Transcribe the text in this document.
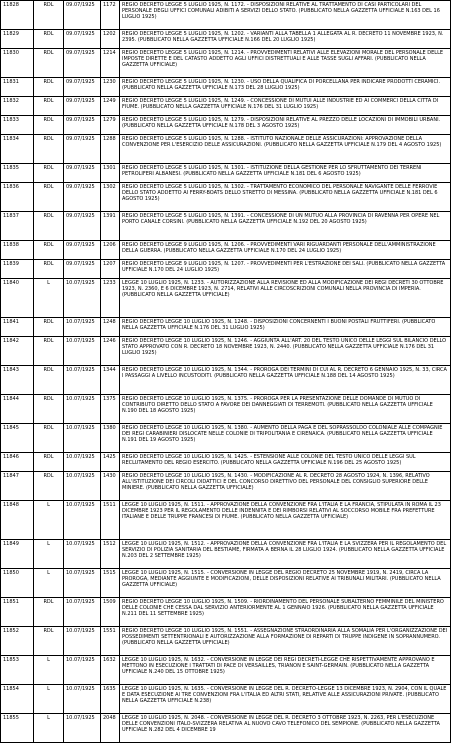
11828	RDL	09.07/1925	1172	REGIO DECRETO LEGGE 5 LUGLIO 1925, N. 1172. - DISPOSIZIONI RELATIVE AL TRATTAMENTO DI CASI PARTICOLARI DEL PERSONALE DEGLI UFFICI COMUNALI ADIBITI A SERVIZI DELLO STATO. (PUBBLICATO NELLA GAZZETTA UFFICIALE N.163 DEL 16 LUGLIO 1925)
11829	RDL	09.07/1925	1202	REGIO DECRETO LEGGE 5 LUGLIO 1925, N. 1202. - VARIANTI ALLA TABELLA 1 ALLEGATA AL R. DECRETO 11 NOVEMBRE 1923, N. 2395. (PUBBLICATO NELLA GAZZETTA UFFICIALE N.166 DEL 20 LUGLIO 1925)
11830	RDL	09.07/1925	1214	REGIO DECRETO LEGGE 5 LUGLIO 1925, N. 1214. - PROVVEDIMENTI RELATIVI ALLE ELEVAZIONI MORALE DEL PERSONALE DELLE IMPOSTE DIRETTE E DEL CATASTO ADDETTO AGLI UFFICI DISTRETTUALI E ALLE TASSE SUGLI AFFARI. (PUBBLICATO NELLA GAZZETTA UFFICIALE)
11831	RDL	09.07/1925	1230	REGIO DECRETO LEGGE 5 LUGLIO 1925, N. 1230. - USO DELLA QUALIFICA DI PORCELLANA PER INDICARE PRODOTTI CERAMICI. (PUBBLICATO NELLA GAZZETTA UFFICIALE N.173 DEL 28 LUGLIO 1925)
11832	RDL	09.07/1925	1249	REGIO DECRETO LEGGE 5 LUGLIO 1925, N. 1249. - CONCESSIONE DI MUTUI ALLE INDUSTRIE ED AI COMMERCI DELLA CITTA DI FIUME. (PUBBLICATO NELLA GAZZETTA UFFICIALE N.176 DEL 31 LUGLIO 1925)
11833	RDL	09.07/1925	1279	REGIO DECRETO LEGGE 5 LUGLIO 1925, N. 1279. - DISPOSIZIONI RELATIVE AL PREZZO DELLE LOCAZIONI DI IMMOBILI URBANI. (PUBBLICATO NELLA GAZZETTA UFFICIALE N.178 DEL 3 AGOSTO 1925)
11834	RDL	09.07/1925	1288	REGIO DECRETO LEGGE 5 LUGLIO 1925, N. 1288. - ISTITUTO NAZIONALE DELLE ASSICURAZIONI: APPROVAZIONE DELLA CONVENZIONE PER L'ESERCIZIO DELLE ASSICURAZIONI. (PUBBLICATO NELLA GAZZETTA UFFICIALE N.179 DEL 4 AGOSTO 1925)
11835	RDL	09.07/1925	1301	REGIO DECRETO LEGGE 5 LUGLIO 1925, N. 1301. - ISTITUZIONE DELLA GESTIONE PER LO SFRUTTAMENTO DEI TERRENI PETROLIFERI ALBANESI. (PUBBLICATO NELLA GAZZETTA UFFICIALE N.181 DEL 6 AGOSTO 1925)
11836	RDL	09.07/1925	1302	REGIO DECRETO LEGGE 5 LUGLIO 1925, N. 1302. - TRATTAMENTO ECONOMICO DEL PERSONALE NAVIGANTE DELLE FERROVIE DELLO STATO ADDETTO AI FERRY-BOATS DELLO STRETTO DI MESSINA. (PUBBLICATO NELLA GAZZETTA UFFICIALE N.181 DEL 6 AGOSTO 1925)
11837	RDL	09.07/1925	1391	REGIO DECRETO LEGGE 5 LUGLIO 1925, N. 1391. - CONCESSIONE DI UN MUTUO ALLA PROVINCIA DI RAVENNA PER OPERE NEL PORTO CANALE CORSINI. (PUBBLICATO NELLA GAZZETTA UFFICIALE N.192 DEL 20 AGOSTO 1925)
11838	RDL	09.07/1925	1206	REGIO DECRETO LEGGE 9 LUGLIO 1925, N. 1206. - PROVVEDIMENTI VARI RIGUARDANTI PERSONALE DELL'AMMINISTRAZIONE DELLA GUERRA. (PUBBLICATO NELLA GAZZETTA UFFICIALE N.170 DEL 24 LUGLIO 1925)
11839	RDL	09.07/1925	1207	REGIO DECRETO LEGGE 9 LUGLIO 1925, N. 1207. - PROVVEDIMENTI PER L'ESTRAZIONE DEI SALI. (PUBBLICATO NELLA GAZZETTA UFFICIALE N.170 DEL 24 LUGLIO 1925)
11840	L	10.07/1925	1233	LEGGE 10 LUGLIO 1925, N. 1233. - AUTORIZZAZIONE ALLA REVISIONE ED ALLA MODIFICAZIONE DEI REGI DECRETI 30 OTTOBRE 1923, N. 2360, E 6 DICEMBRE 1923, N. 2714, RELATIVI ALLE CIRCOSCRIZIONI COMUNALI NELLA PROVINCIA DI IMPERIA. (PUBBLICATO NELLA GAZZETTA UFFICIALE)
11841	RDL	10.07/1925	1248	REGIO DECRETO LEGGE 10 LUGLIO 1925, N. 1248. - DISPOSIZIONI CONCERNENTI I BUONI POSTALI FRUTTIFERI. (PUBBLICATO NELLA GAZZETTA UFFICIALE N.176 DEL 31 LUGLIO 1925)
11842	RDL	10.07/1925	1246	REGIO DECRETO LEGGE 10 LUGLIO 1925, N. 1246. - AGGIUNTA ALL'ART. 20 DEL TESTO UNICO DELLE LEGGI SUL BILANCIO DELLO STATO APPROVATO CON R. DECRETO 18 NOVEMBRE 1923, N. 2440. (PUBBLICATO NELLA GAZZETTA UFFICIALE N.176 DEL 31 LUGLIO 1925)
11843	RDL	10.07/1925	1344	REGIO DECRETO LEGGE 10 LUGLIO 1925, N. 1344. - PROROGA DEI TERMINI DI CUI AL R. DECRETO 6 GENNAIO 1925, N. 33, CIRCA I PASSAGGI A LIVELLO INCUSTODITI. (PUBBLICATO NELLA GAZZETTA UFFICIALE N.188 DEL 14 AGOSTO 1925)
11844	RDL	10.07/1925	1375	REGIO DECRETO LEGGE 10 LUGLIO 1925, N. 1375. - PROROGA PER LA PRESENTAZIONE DELLE DOMANDE DI MUTUO DI CONTRIBUTO DIRETTO DELLO STATO A FAVORE DEI DANNEGGIATI DI TERREMOTI. (PUBBLICATO NELLA GAZZETTA UFFICIALE N.190 DEL 18 AGOSTO 1925)
11845	RDL	10.07/1925	1380	REGIO DECRETO LEGGE 10 LUGLIO 1925, N. 1380. - AUMENTO DELLA PAGA E DEL SOPRASSOLDO COLONIALE ALLE COMPAGNIE DEI REGI CARABINIERI DISLOCATE NELLE COLONIE DI TRIPOLITANIA E CIRENAICA. (PUBBLICATO NELLA GAZZETTA UFFICIALE N.191 DEL 19 AGOSTO 1925)
11846	RDL	10.07/1925	1425	REGIO DECRETO LEGGE 10 LUGLIO 1925, N. 1425. - ESTENSIONE ALLE COLONIE DEL TESTO UNICO DELLE LEGGI SUL RECLUTAMENTO DEL REGIO ESERCITO. (PUBBLICATO NELLA GAZZETTA UFFICIALE N.196 DEL 25 AGOSTO 1925)
11847	RDL	10.07/1925	1430	REGIO DECRETO LEGGE 10 LUGLIO 1925, N. 1430. - MODIFICAZIONE AL R. DECRETO 28 AGOSTO 1924, N. 1396, RELATIVO ALL'ISTITUZIONE DEI CIRCOLI DIDATTICI E DEL CONCORSO DIRETTIVO DEL PERSONALE DEL CONSIGLIO SUPERIORE DELLE MINIERE. (PUBBLICATO NELLA GAZZETTA UFFICIALE)
11848	L	10.07/1925	1511	LEGGE 10 LUGLIO 1925, N. 1511. - APPROVAZIONE DELLA CONVENZIONE FRA L'ITALIA E LA FRANCIA, STIPULATA IN ROMA IL 23 DICEMBRE 1923 PER IL REGOLAMENTO DELLE INDENNITA E DEI RIMBORSI RELATIVI AL SOCCORSO MOBILE FRA PREFETTURE ITALIANE E DELLE TRUPPE FRANCESI DI FIUME. (PUBBLICATO NELLA GAZZETTA UFFICIALE)
11849	L	10.07/1925	1512	LEGGE 10 LUGLIO 1925, N. 1512. - APPROVAZIONE DELLA CONVENZIONE FRA L'ITALIA E LA SVIZZERA PER IL REGOLAMENTO DEL SERVIZIO DI POLIZIA SANITARIA DEL BESTIAME, FIRMATA A BERNA IL 28 LUGLIO 1924. (PUBBLICATO NELLA GAZZETTA UFFICIALE N.203 DEL 2 SETTEMBRE 1925)
11850	L	10.07/1925	1515	LEGGE 10 LUGLIO 1925, N. 1515. - CONVERSIONE IN LEGGE DEL REGIO DECRETO 25 NOVEMBRE 1919, N. 2419, CIRCA LA PROROGA, MEDIANTE AGGIUNTE E MODIFICAZIONI, DELLE DISPOSIZIONI RELATIVE AI TRIBUNALI MILITARI. (PUBBLICATO NELLA GAZZETTA UFFICIALE)
11851	RDL	10.07/1925	1509	REGIO DECRETO LEGGE 10 LUGLIO 1925, N. 1509. - RIORDINAMENTO DEL PERSONALE SUBALTERNO FEMMINILE DEL MINISTERO DELLE COLONIE CHE CESSA DAL SERVIZIO ANTERIORMENTE AL 1 GENNAIO 1926. (PUBBLICATO NELLA GAZZETTA UFFICIALE N.211 DEL 11 SETTEMBRE 1925)
11852	RDL	10.07/1925	1551	REGIO DECRETO LEGGE 10 LUGLIO 1925, N. 1551. - ASSEGNAZIONE STRAORDINARIA ALLA SOMALIA PER L'ORGANIZZAZIONE DEI POSSEDIMENTI SETTENTRIONALI E AUTORIZZAZIONE ALLA FORMAZIONE DI REPARTI DI TRUPPE INDIGENE IN SOPRANNUMERO. (PUBBLICATO NELLA GAZZETTA UFFICIALE)
11853	L	10.07/1925	1632	LEGGE 10 LUGLIO 1925, N. 1632. - CONVERSIONE IN LEGGE DEI REGI DECRETI-LEGGE CHE RISPETTIVAMENTE APPROVANO E METTONO IN ESECUZIONE I TRATTATI DI PACE DI VERSAILLES, TRIANON E SAINT-GERMAIN. (PUBBLICATO NELLA GAZZETTA UFFICIALE N.240 DEL 15 OTTOBRE 1925)
11854	L	10.07/1925	1635	LEGGE 10 LUGLIO 1925, N. 1635. - CONVERSIONE IN LEGGE DEL R. DECRETO-LEGGE 13 DICEMBRE 1923, N. 2904, CON IL QUALE E DATA ESECUZIONE AI TRE CONVENZIONI FRA L'ITALIA ED ALTRI STATI, RELATIVE ALLE ASSICURAZIONI PRIVATE. (PUBBLICATO NELLA GAZZETTA UFFICIALE N.238)
11855	L	10.07/1925	2048	LEGGE 10 LUGLIO 1925, N. 2048. - CONVERSIONE IN LEGGE DEL R. DECRETO 3 OTTOBRE 1923, N. 2263, PER L'ESECUZIONE DELLE CONVENZIONI ITALO-SVIZZERA RELATIVA AL NUOVO CAVO TELEFONICO DEL SEMPIONE. (PUBBLICATO NELLA GAZZETTA UFFICIALE N.282 DEL 4 DICEMBRE 19
